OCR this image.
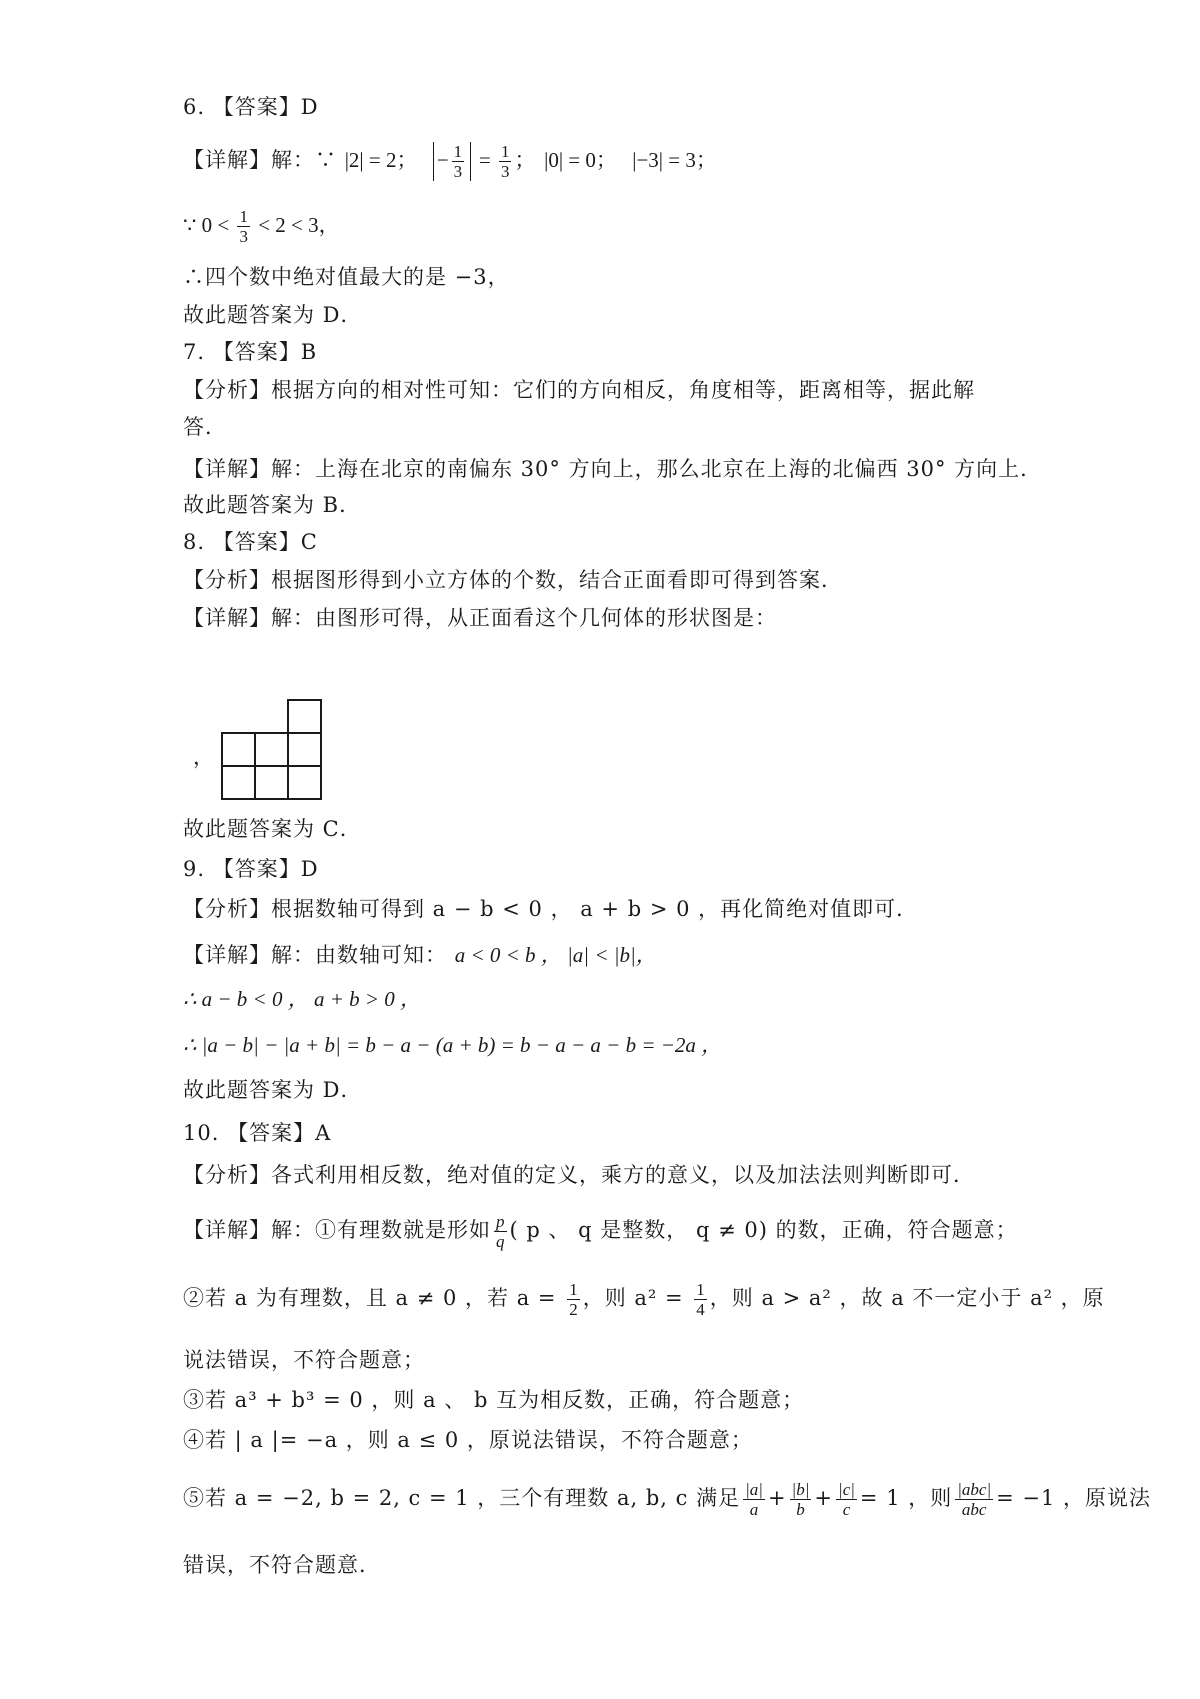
6. 【答案】D
【详解】解：∵ |2| = 2； − $\frac{1}{3} = \frac{1}{3}$ ； |0| = 0； |−3| = 3；
∵ $0 < \frac{1}{3} < 2 < 3$，
∴四个数中绝对值最大的是 −3，
故此题答案为 D．
7. 【答案】B
【分析】根据方向的相对性可知：它们的方向相反，角度相等，距离相等，据此解
答．
【详解】解：上海在北京的南偏东 30° 方向上，那么北京在上海的北偏西 30° 方向上．
故此题答案为 B．
8. 【答案】C
【分析】根据图形得到小立方体的个数，结合正面看即可得到答案．
【详解】解：由图形可得，从正面看这个几何体的形状图是：
，
故此题答案为 C．
9. 【答案】D
【分析】根据数轴可得到 a − b < 0 ， a + b > 0 ，再化简绝对值即可．
【详解】解：由数轴可知： a < 0 < b ， |a| < |b|，
∴ a − b < 0 ， a + b > 0 ，
∴ |a − b| − |a + b| = b − a − (a + b) = b − a − a − b = −2a ，
故此题答案为 D．
10. 【答案】A
【分析】各式利用相反数，绝对值的定义，乘方的意义，以及加法法则判断即可．
【详解】解：①有理数就是形如 $\frac{p}{q}$ ( p 、 q 是整数， q ≠ 0) 的数，正确，符合题意；
②若 a 为有理数，且 a ≠ 0 ，若 $a = \frac{1}{2}$ ，则 $a^2 = \frac{1}{4}$ ，则 a > a² ，故 a 不一定小于 a² ，原
说法错误，不符合题意；
③若 a³ + b³ = 0 ，则 a 、 b 互为相反数，正确，符合题意；
④若 | a |= −a ，则 a ≤ 0 ，原说法错误，不符合题意；
⑤若 a = −2, b = 2, c = 1 ，三个有理数 a, b, c 满足 $\frac{|a|}{a} + \frac{|b|}{b} + \frac{|c|}{c} = 1$ ，则 $\frac{\text{|abc|}}{\text{abc}} = -1$ ，原说法
错误，不符合题意．
